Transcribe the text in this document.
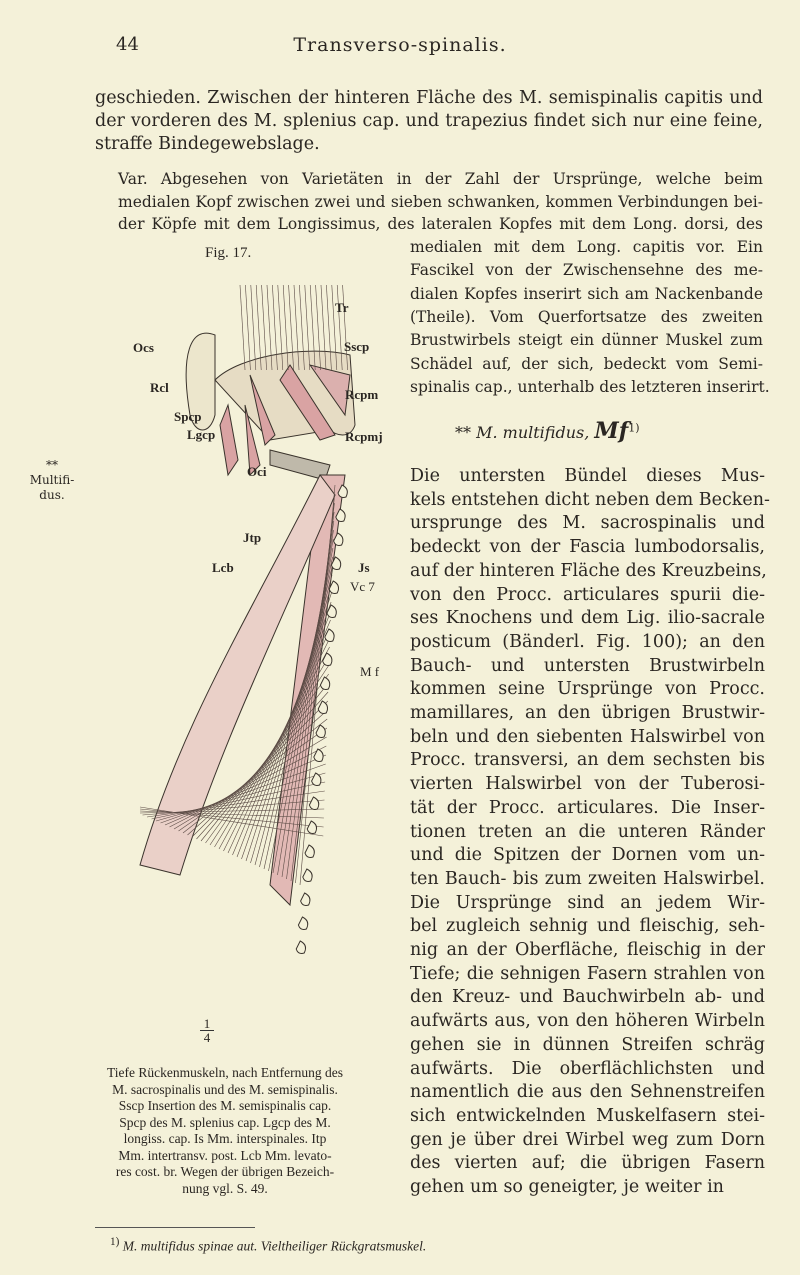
44	Transverso-spinalis.
geschieden. Zwischen der hinteren Fläche des M. semispinalis capitis und
der vorderen des M. splenius cap. und trapezius findet sich nur eine feine,
straffe Bindegewebslage.
Var. Abgesehen von Varietäten in der Zahl der Ursprünge, welche beim
medialen Kopf zwischen zwei und sieben schwanken, kommen Verbindungen bei-
der Köpfe mit dem Longissimus, des lateralen Kopfes mit dem Long. dorsi, des
medialen mit dem Long. capitis vor. Ein
Fascikel von der Zwischensehne des me-
dialen Kopfes inserirt sich am Nackenbande
(Theile). Vom Querfortsatze des zweiten
Brustwirbels steigt ein dünner Muskel zum
Schädel auf, der sich, bedeckt vom Semi-
spinalis cap., unterhalb des letzteren inserirt.
** Multifi-dus.
** M. multifidus, Mf$^{1)}$
Die untersten Bündel dieses Mus-
kels entstehen dicht neben dem Becken-
ursprunge des M. sacrospinalis und
bedeckt von der Fascia lumbodorsalis,
auf der hinteren Fläche des Kreuzbeins,
von den Procc. articulares spurii die-
ses Knochens und dem Lig. ilio-sacrale
posticum (Bänderl. Fig. 100); an den
Bauch- und untersten Brustwirbeln
kommen seine Ursprünge von Procc.
mamillares, an den übrigen Brustwir-
beln und den siebenten Halswirbel von
Procc. transversi, an dem sechsten bis
vierten Halswirbel von der Tuberosi-
tät der Procc. articulares. Die Inser-
tionen treten an die unteren Ränder
und die Spitzen der Dornen vom un-
ten Bauch- bis zum zweiten Halswirbel.
Die Ursprünge sind an jedem Wir-
bel zugleich sehnig und fleischig, seh-
nig an der Oberfläche, fleischig in der
Tiefe; die sehnigen Fasern strahlen von
den Kreuz- und Bauchwirbeln ab- und
aufwärts aus, von den höheren Wirbeln
gehen sie in dünnen Streifen schräg
aufwärts. Die oberflächlichsten und
namentlich die aus den Sehnenstreifen
sich entwickelnden Muskelfasern stei-
gen je über drei Wirbel weg zum Dorn
des vierten auf; die übrigen Fasern
gehen um so geneigter, je weiter in
Fig. 17.
Tr
Ocs	Sscp
Rcl	Rcpm
Spcp
Lgcp	Rcpmj
Oci
Jtp
Lcb	Js
Vc 7
M f
$\frac{1}{4}$
Tiefe Rückenmuskeln, nach Entfernung des
M. sacrospinalis und des M. semispinalis.
Sscp Insertion des M. semispinalis cap.
Spcp des M. splenius cap. Lgcp des M.
longiss. cap. Is Mm. interspinales. Itp
Mm. intertransv. post. Lcb Mm. levato-
res cost. br. Wegen der übrigen Bezeich-
nung vgl. S. 49.
$^{1)}$ M. multifidus spinae aut. Vieltheiliger Rückgratsmuskel.
